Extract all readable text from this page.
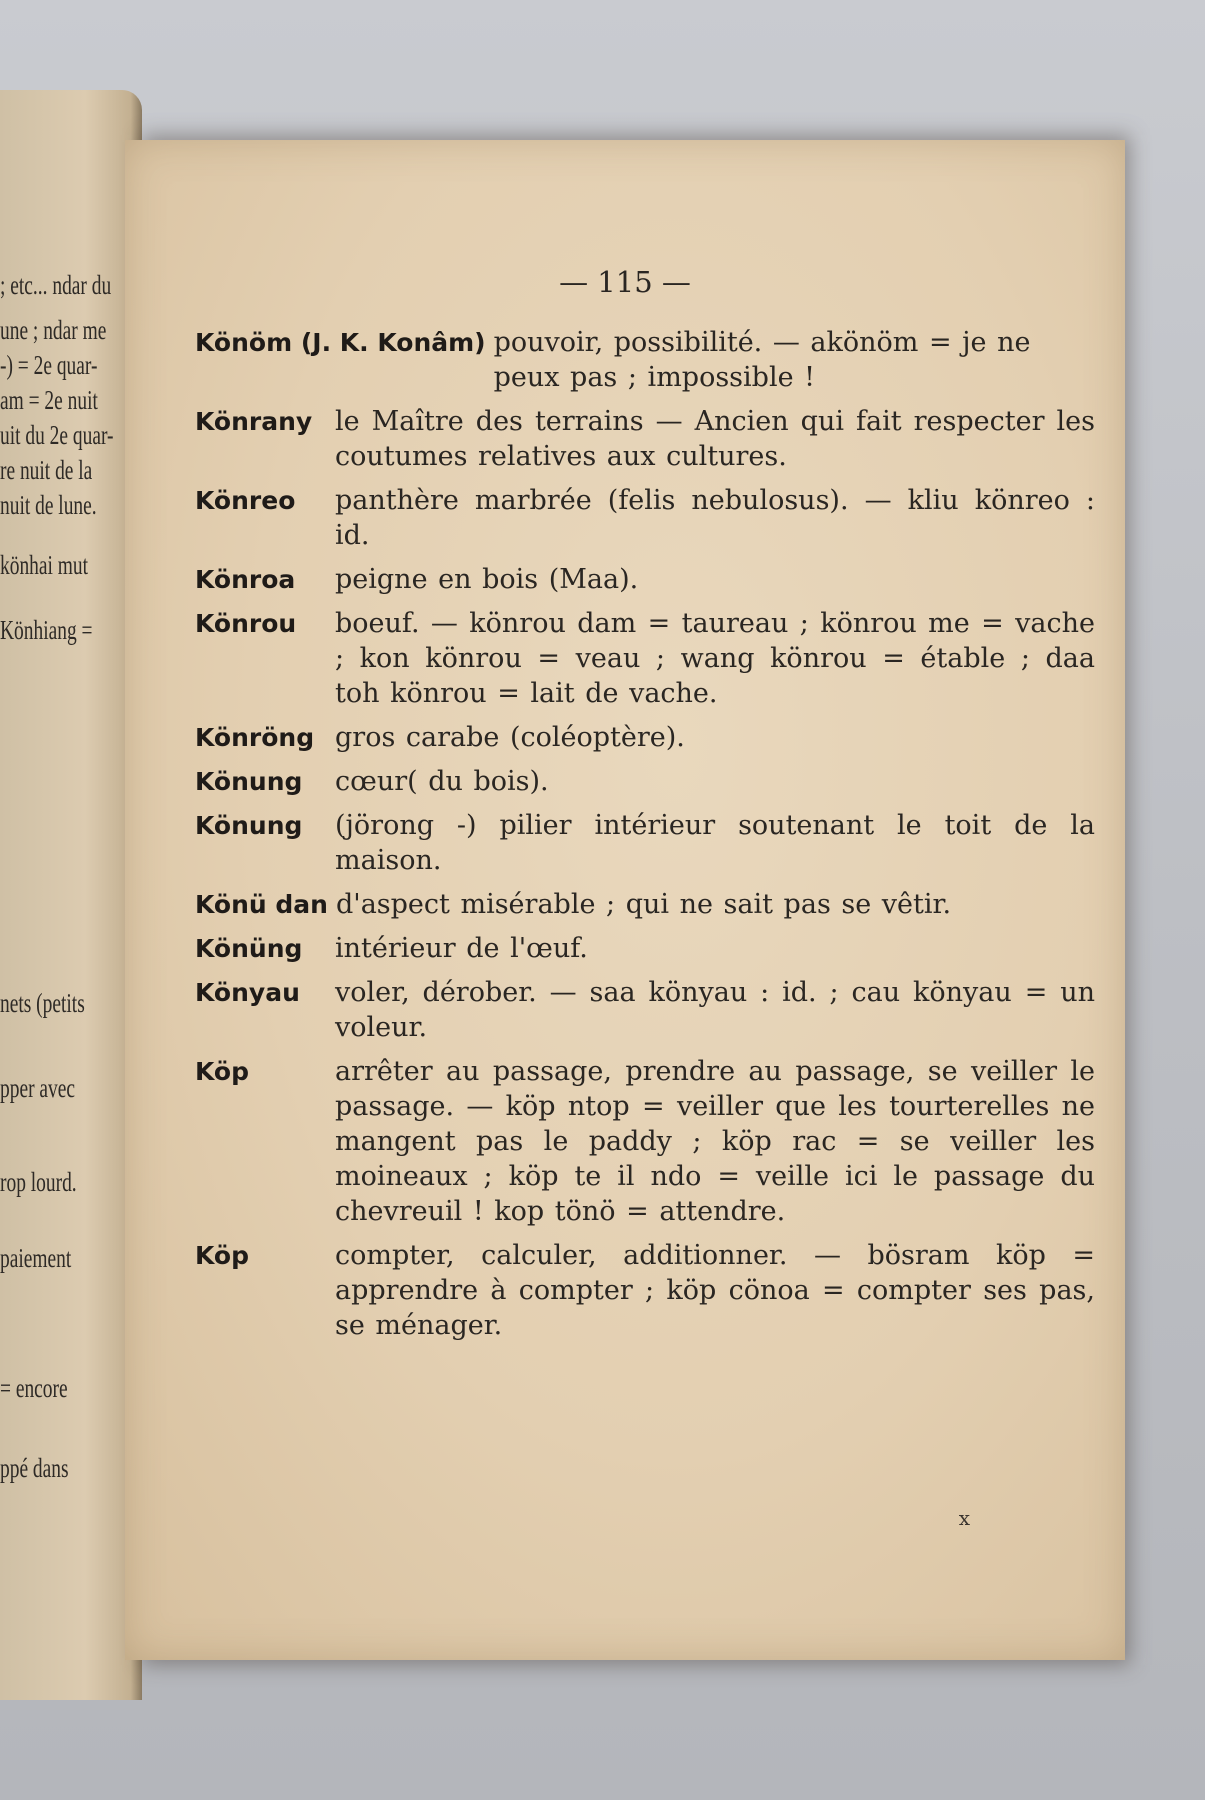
; etc... ndar du
une ; ndar me
-) = 2e quar-
am = 2e nuit
uit du 2e quar-
re nuit de la
nuit de lune.
könhai mut
Könhiang =
nets (petits
pper avec
rop lourd.
paiement
= encore
ppé dans
— 115 —
Könöm (J. K. Konâm) pouvoir, possibilité. — akönöm = je ne peux pas ; impossible !
Könrany le Maître des terrains — Ancien qui fait respecter les coutumes relatives aux cultures.
Könreo	panthère marbrée (felis nebulosus). — kliu könreo : id.
Könroa	peigne en bois (Maa).
Könrou	boeuf. — könrou dam = taureau ; könrou me = vache ; kon könrou = veau ; wang könrou = étable ; daa toh könrou = lait de vache.
Könröng gros carabe (coléoptère).
Könung	cœur( du bois).
Könung	(jörong -) pilier intérieur soutenant le toit de la maison.
Könü dan d'aspect misérable ; qui ne sait pas se vêtir.
Könüng	intérieur de l'œuf.
Könyau	voler, dérober. — saa könyau : id. ; cau könyau = un voleur.
Köp	arrêter au passage, prendre au passage, se veiller le passage. — köp ntop = veiller que les tourterelles ne mangent pas le paddy ; köp rac = se veiller les moineaux ; köp te il ndo = veille ici le passage du chevreuil ! kop tönö = attendre.
Köp	compter, calculer, additionner. — bösram köp = apprendre à compter ; köp cönoa = compter ses pas, se ménager.
x
